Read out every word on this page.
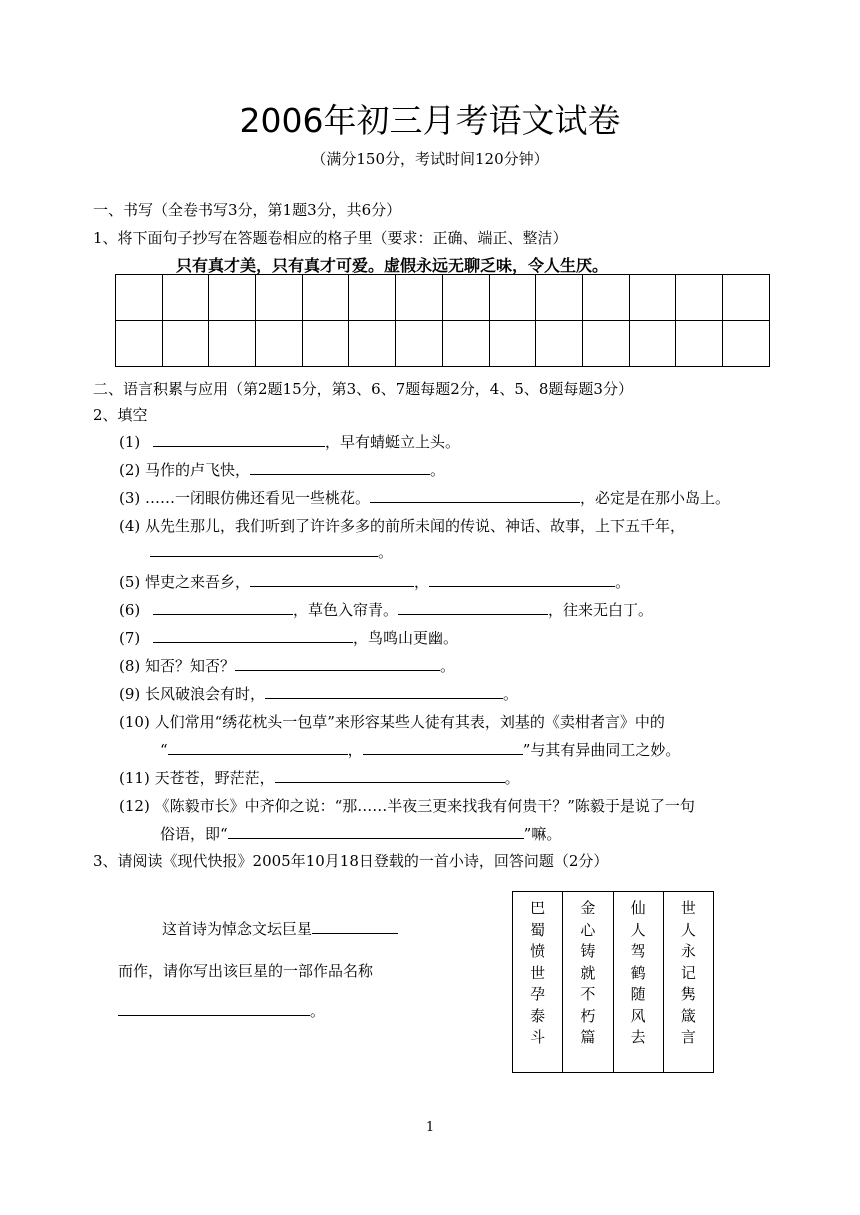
2006年初三月考语文试卷
（满分150分，考试时间120分钟）
一、书写（全卷书写3分，第1题3分，共6分）
1、将下面句子抄写在答题卷相应的格子里（要求：正确、端正、整洁）
只有真才美，只有真才可爱。虚假永远无聊乏味，令人生厌。

二、语言积累与应用（第2题15分，第3、6、7题每题2分，4、5、8题每题3分）
2、填空
(1)	，早有蜻蜓立上头。
(2) 马作的卢飞快，	。
(3) ……一闭眼仿佛还看见一些桃花。	，必定是在那小岛上。
(4) 从先生那儿，我们听到了许许多多的前所未闻的传说、神话、故事，上下五千年，
。
(5) 悍吏之来吾乡，	，	。
(6)	，草色入帘青。	，往来无白丁。
(7)	，鸟鸣山更幽。
(8) 知否？知否？	。
(9) 长风破浪会有时，	。
(10) 人们常用“绣花枕头一包草”来形容某些人徒有其表，刘基的《卖柑者言》中的
“	，	”与其有异曲同工之妙。
(11) 天苍苍，野茫茫，	。
(12) 《陈毅市长》中齐仰之说：“那……半夜三更来找我有何贵干？”陈毅于是说了一句
俗语，即“	”嘛。
3、请阅读《现代快报》2005年10月18日登载的一首小诗，回答问题（2分）
这首诗为悼念文坛巨星
而作，请你写出该巨星的一部作品名称
。
巴
蜀
愤
世
孕
泰
斗
金
心
铸
就
不
朽
篇
仙
人
驾
鹤
随
风
去
世
人
永
记
隽
箴
言
1
